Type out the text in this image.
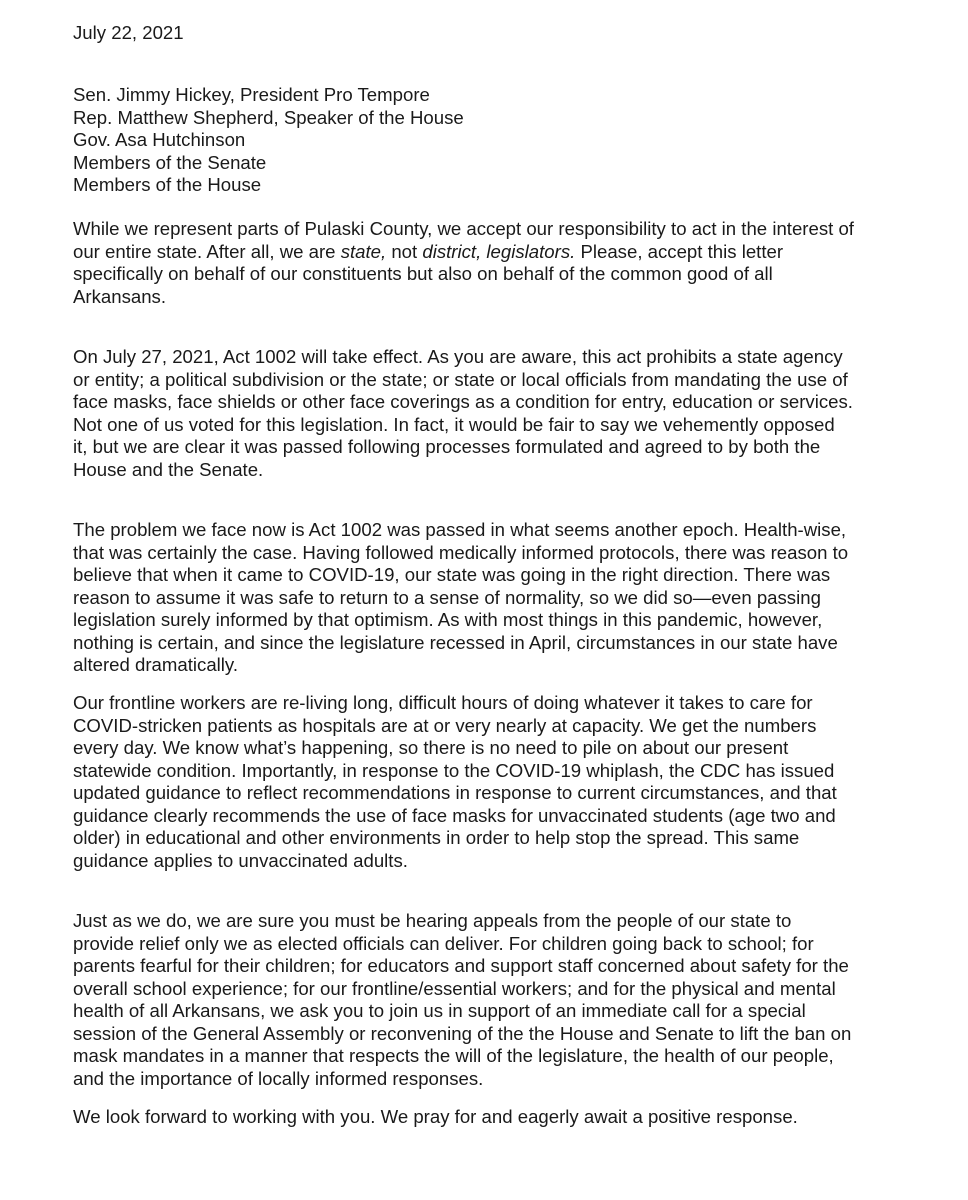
July 22, 2021
Sen. Jimmy Hickey, President Pro Tempore
Rep. Matthew Shepherd, Speaker of the House
Gov. Asa Hutchinson
Members of the Senate
Members of the House
While we represent parts of Pulaski County, we accept our responsibility to act in the interest of
our entire state. After all, we are state, not district, legislators. Please, accept this letter
specifically on behalf of our constituents but also on behalf of the common good of all
Arkansans.
On July 27, 2021, Act 1002 will take effect. As you are aware, this act prohibits a state agency
or entity; a political subdivision or the state; or state or local officials from mandating the use of
face masks, face shields or other face coverings as a condition for entry, education or services.
Not one of us voted for this legislation. In fact, it would be fair to say we vehemently opposed
it, but we are clear it was passed following processes formulated and agreed to by both the
House and the Senate.
The problem we face now is Act 1002 was passed in what seems another epoch. Health-wise,
that was certainly the case. Having followed medically informed protocols, there was reason to
believe that when it came to COVID-19, our state was going in the right direction. There was
reason to assume it was safe to return to a sense of normality, so we did so—even passing
legislation surely informed by that optimism. As with most things in this pandemic, however,
nothing is certain, and since the legislature recessed in April, circumstances in our state have
altered dramatically.
Our frontline workers are re-living long, difficult hours of doing whatever it takes to care for
COVID-stricken patients as hospitals are at or very nearly at capacity. We get the numbers
every day. We know what’s happening, so there is no need to pile on about our present
statewide condition. Importantly, in response to the COVID-19 whiplash, the CDC has issued
updated guidance to reflect recommendations in response to current circumstances, and that
guidance clearly recommends the use of face masks for unvaccinated students (age two and
older) in educational and other environments in order to help stop the spread. This same
guidance applies to unvaccinated adults.
Just as we do, we are sure you must be hearing appeals from the people of our state to
provide relief only we as elected officials can deliver. For children going back to school; for
parents fearful for their children; for educators and support staff concerned about safety for the
overall school experience; for our frontline/essential workers; and for the physical and mental
health of all Arkansans, we ask you to join us in support of an immediate call for a special
session of the General Assembly or reconvening of the the House and Senate to lift the ban on
mask mandates in a manner that respects the will of the legislature, the health of our people,
and the importance of locally informed responses.
We look forward to working with you. We pray for and eagerly await a positive response.
